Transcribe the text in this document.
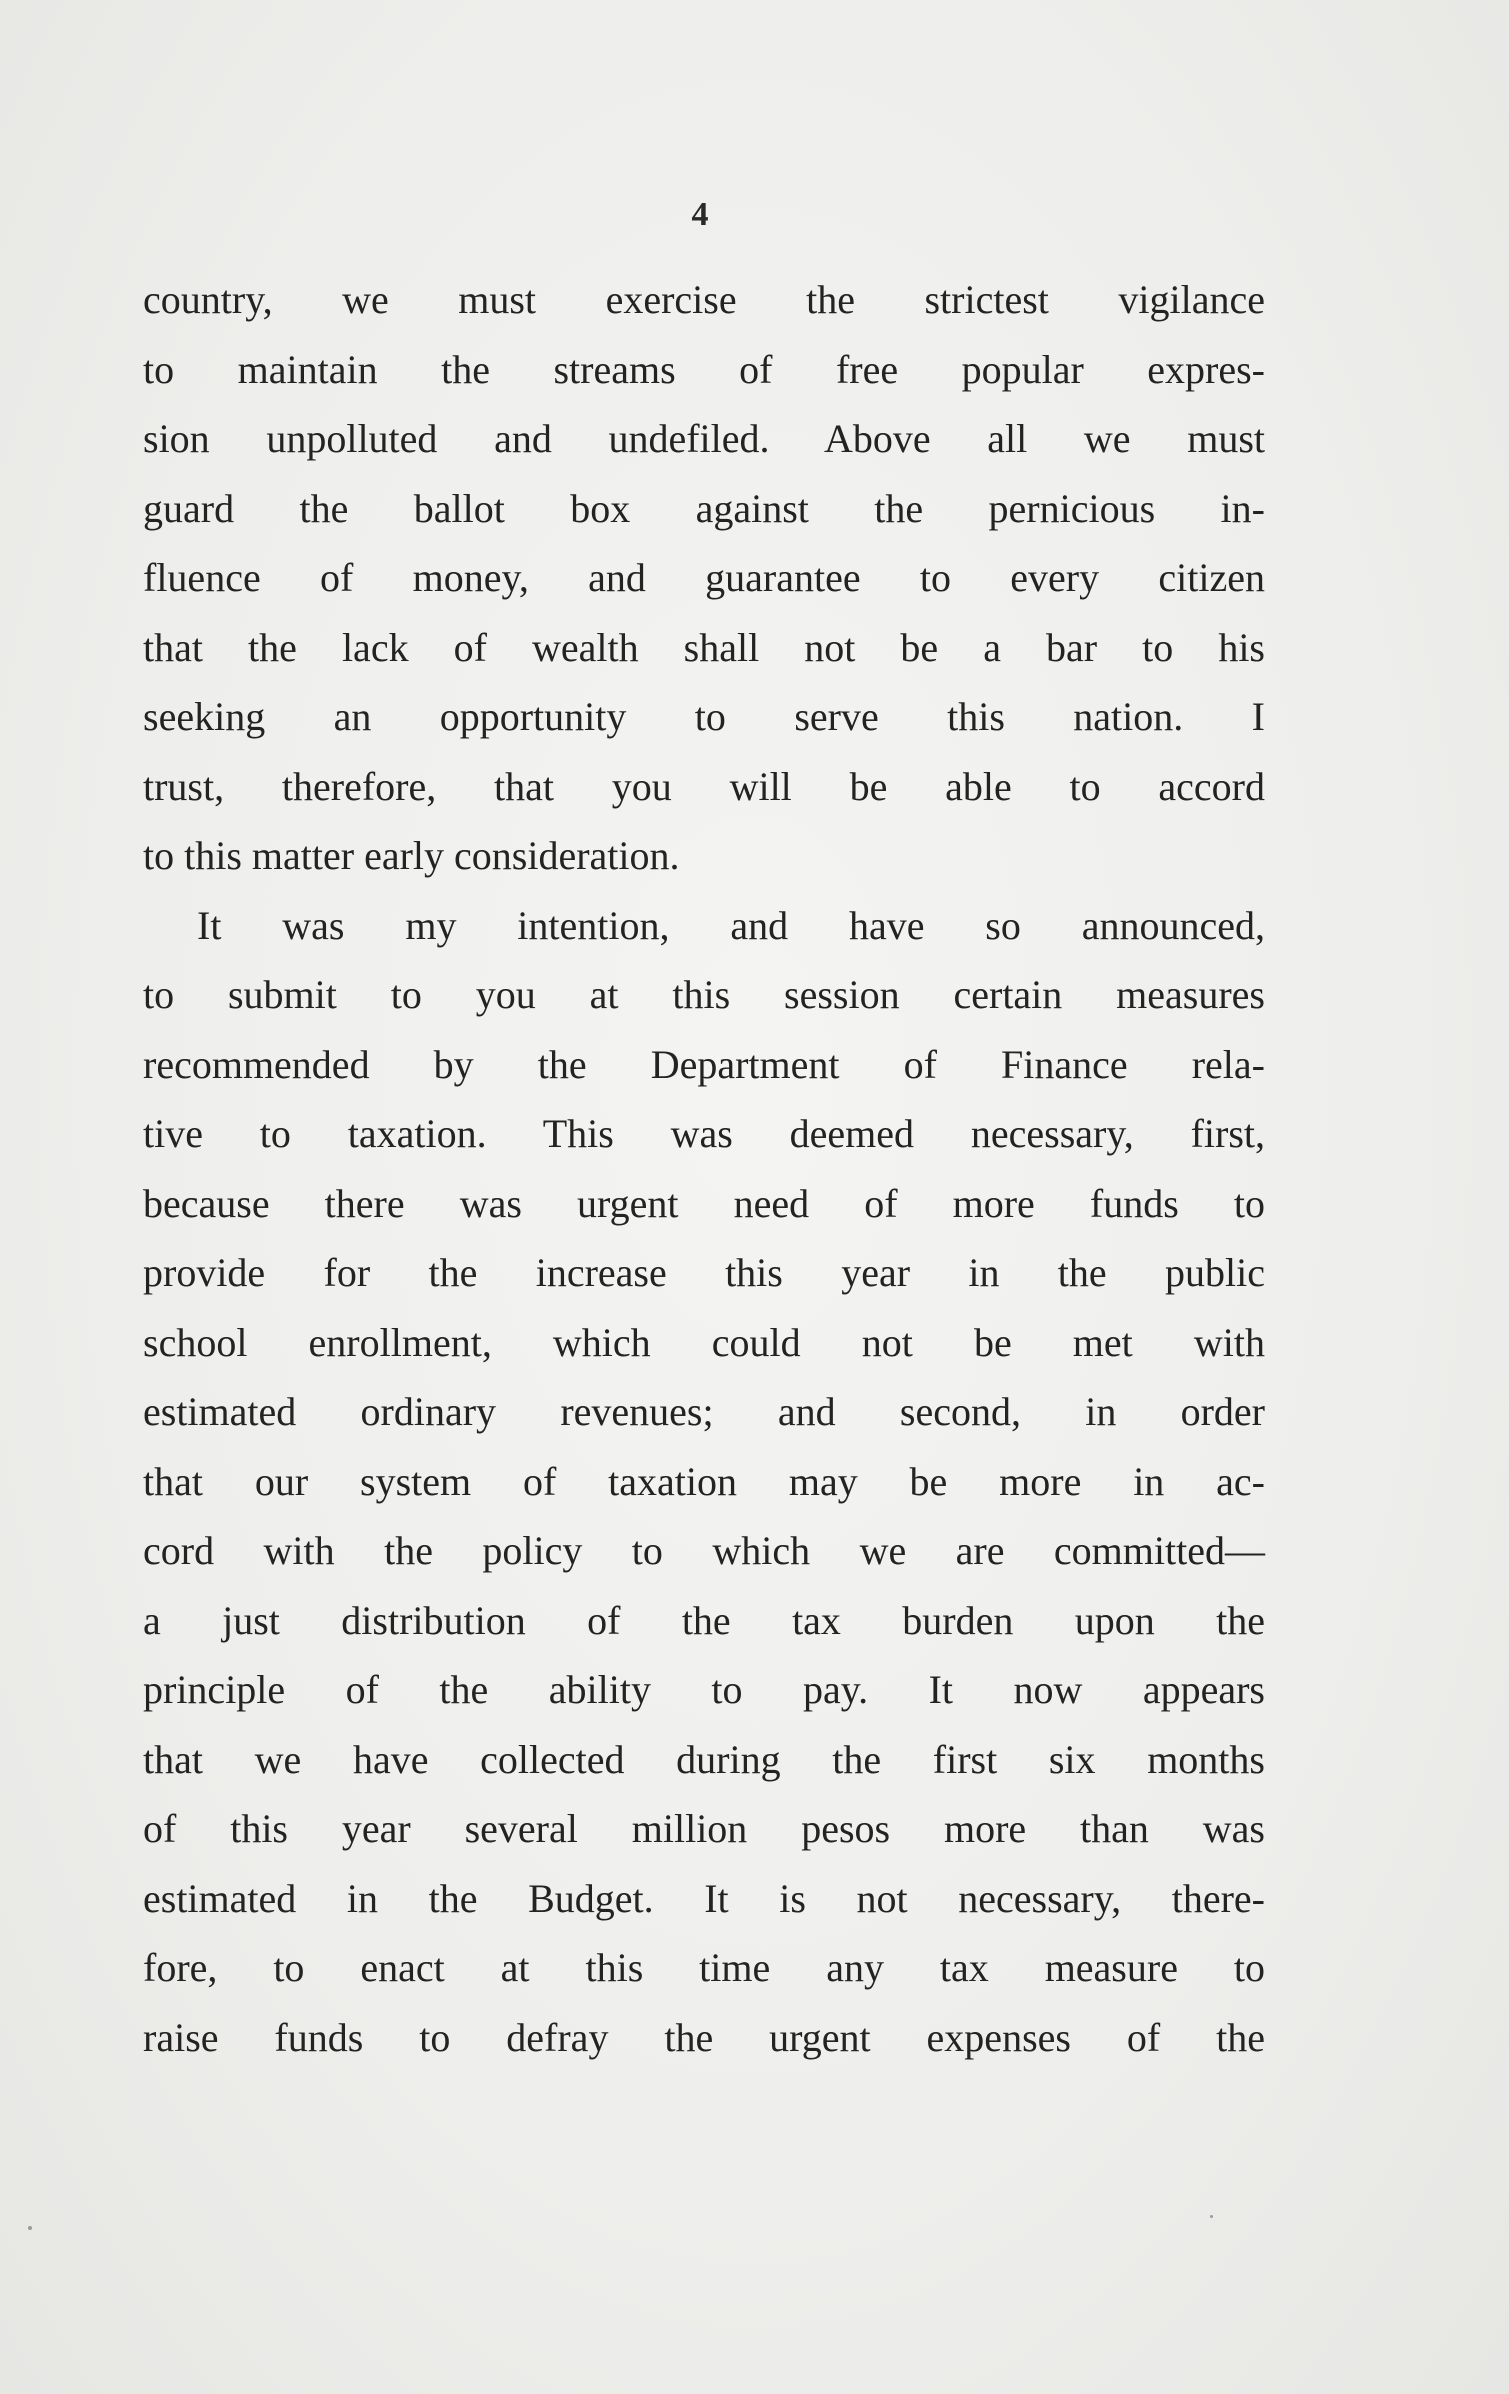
4
country, we must exercise the strictest vigilance
to maintain the streams of free popular expres-
sion unpolluted and undefiled. Above all we must
guard the ballot box against the pernicious in-
fluence of money, and guarantee to every citizen
that the lack of wealth shall not be a bar to his
seeking an opportunity to serve this nation. I
trust, therefore, that you will be able to accord
to this matter early consideration.
It was my intention, and have so announced,
to submit to you at this session certain measures
recommended by the Department of Finance rela-
tive to taxation. This was deemed necessary, first,
because there was urgent need of more funds to
provide for the increase this year in the public
school enrollment, which could not be met with
estimated ordinary revenues; and second, in order
that our system of taxation may be more in ac-
cord with the policy to which we are committed—
a just distribution of the tax burden upon the
principle of the ability to pay. It now appears
that we have collected during the first six months
of this year several million pesos more than was
estimated in the Budget. It is not necessary, there-
fore, to enact at this time any tax measure to
raise funds to defray the urgent expenses of the
